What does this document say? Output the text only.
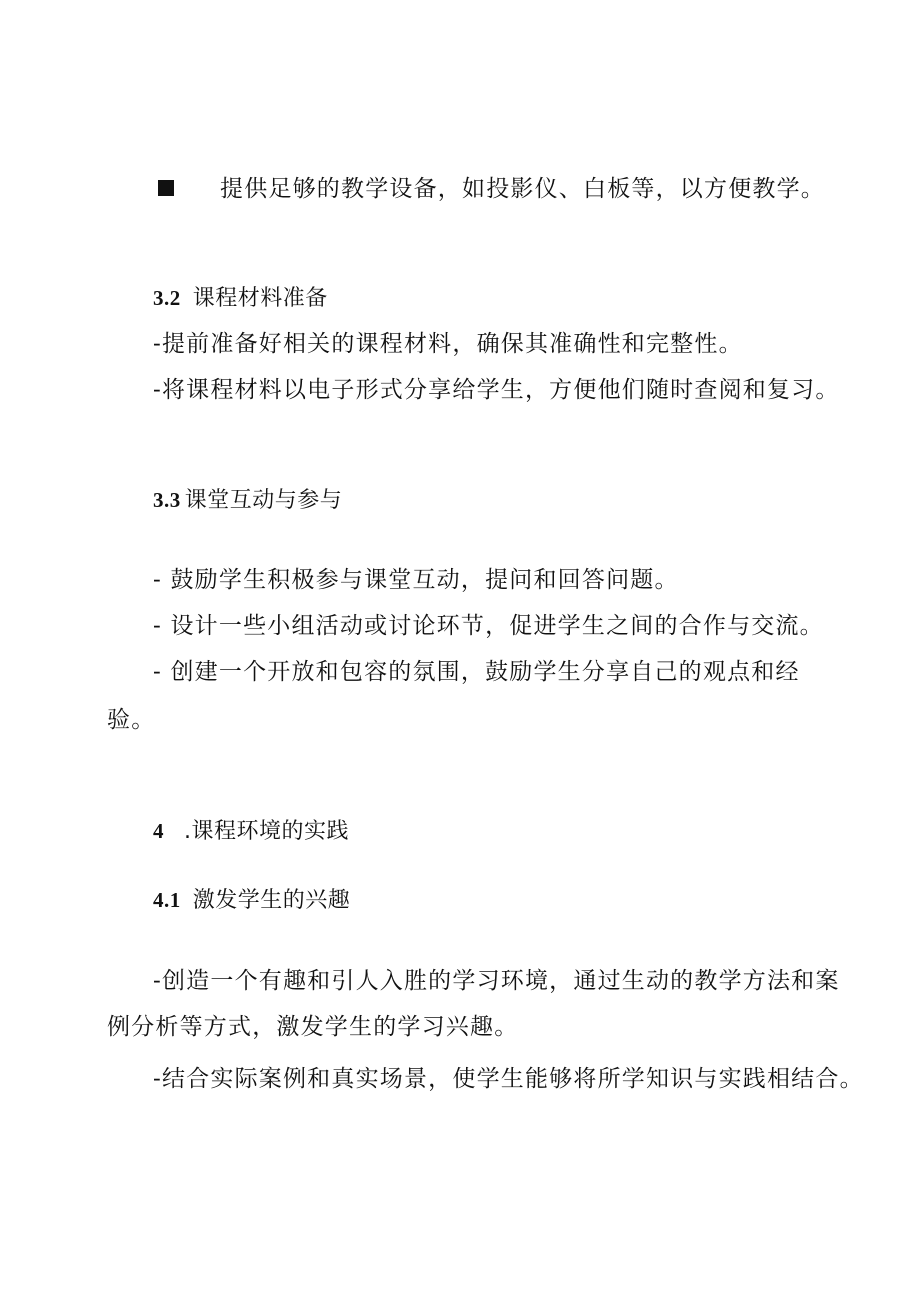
提供足够的教学设备，如投影仪、白板等，以方便教学。
3.2 课程材料准备
-提前准备好相关的课程材料，确保其准确性和完整性。
-将课程材料以电子形式分享给学生，方便他们随时查阅和复习。
3.3 课堂互动与参与
- 鼓励学生积极参与课堂互动，提问和回答问题。
- 设计一些小组活动或讨论环节，促进学生之间的合作与交流。
- 创建一个开放和包容的氛围，鼓励学生分享自己的观点和经
验。
4 .课程环境的实践
4.1 激发学生的兴趣
-创造一个有趣和引人入胜的学习环境，通过生动的教学方法和案
例分析等方式，激发学生的学习兴趣。
-结合实际案例和真实场景，使学生能够将所学知识与实践相结合。
